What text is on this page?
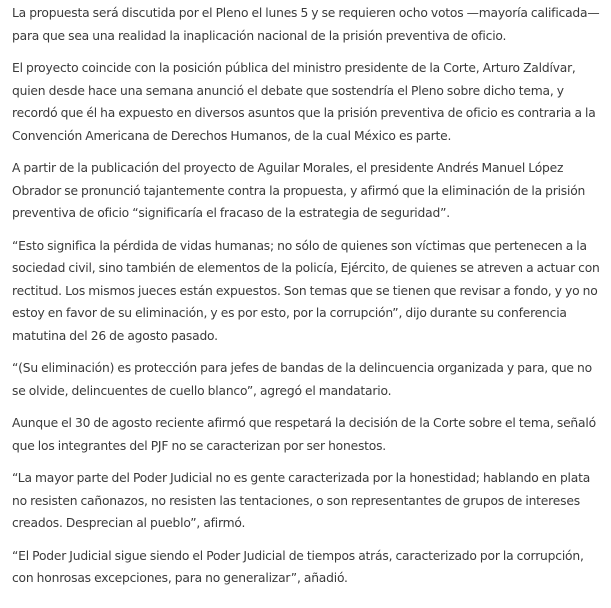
La propuesta será discutida por el Pleno el lunes 5 y se requieren ocho votos —mayoría calificada— para que sea una realidad la inaplicación nacional de la prisión preventiva de oficio.

El proyecto coincide con la posición pública del ministro presidente de la Corte, Arturo Zaldívar, quien desde hace una semana anunció el debate que sostendría el Pleno sobre dicho tema, y recordó que él ha expuesto en diversos asuntos que la prisión preventiva de oficio es contraria a la Convención Americana de Derechos Humanos, de la cual México es parte.

A partir de la publicación del proyecto de Aguilar Morales, el presidente Andrés Manuel López Obrador se pronunció tajantemente contra la propuesta, y afirmó que la eliminación de la prisión preventiva de oficio “significaría el fracaso de la estrategia de seguridad”.

“Esto significa la pérdida de vidas humanas; no sólo de quienes son víctimas que pertenecen a la sociedad civil, sino también de elementos de la policía, Ejército, de quienes se atreven a actuar con rectitud. Los mismos jueces están expuestos. Son temas que se tienen que revisar a fondo, y yo no estoy en favor de su eliminación, y es por esto, por la corrupción”, dijo durante su conferencia matutina del 26 de agosto pasado.

“(Su eliminación) es protección para jefes de bandas de la delincuencia organizada y para, que no se olvide, delincuentes de cuello blanco”, agregó el mandatario.

Aunque el 30 de agosto reciente afirmó que respetará la decisión de la Corte sobre el tema, señaló que los integrantes del PJF no se caracterizan por ser honestos.

“La mayor parte del Poder Judicial no es gente caracterizada por la honestidad; hablando en plata no resisten cañonazos, no resisten las tentaciones, o son representantes de grupos de intereses creados. Desprecian al pueblo”, afirmó.

“El Poder Judicial sigue siendo el Poder Judicial de tiempos atrás, caracterizado por la corrupción, con honrosas excepciones, para no generalizar”, añadió.
